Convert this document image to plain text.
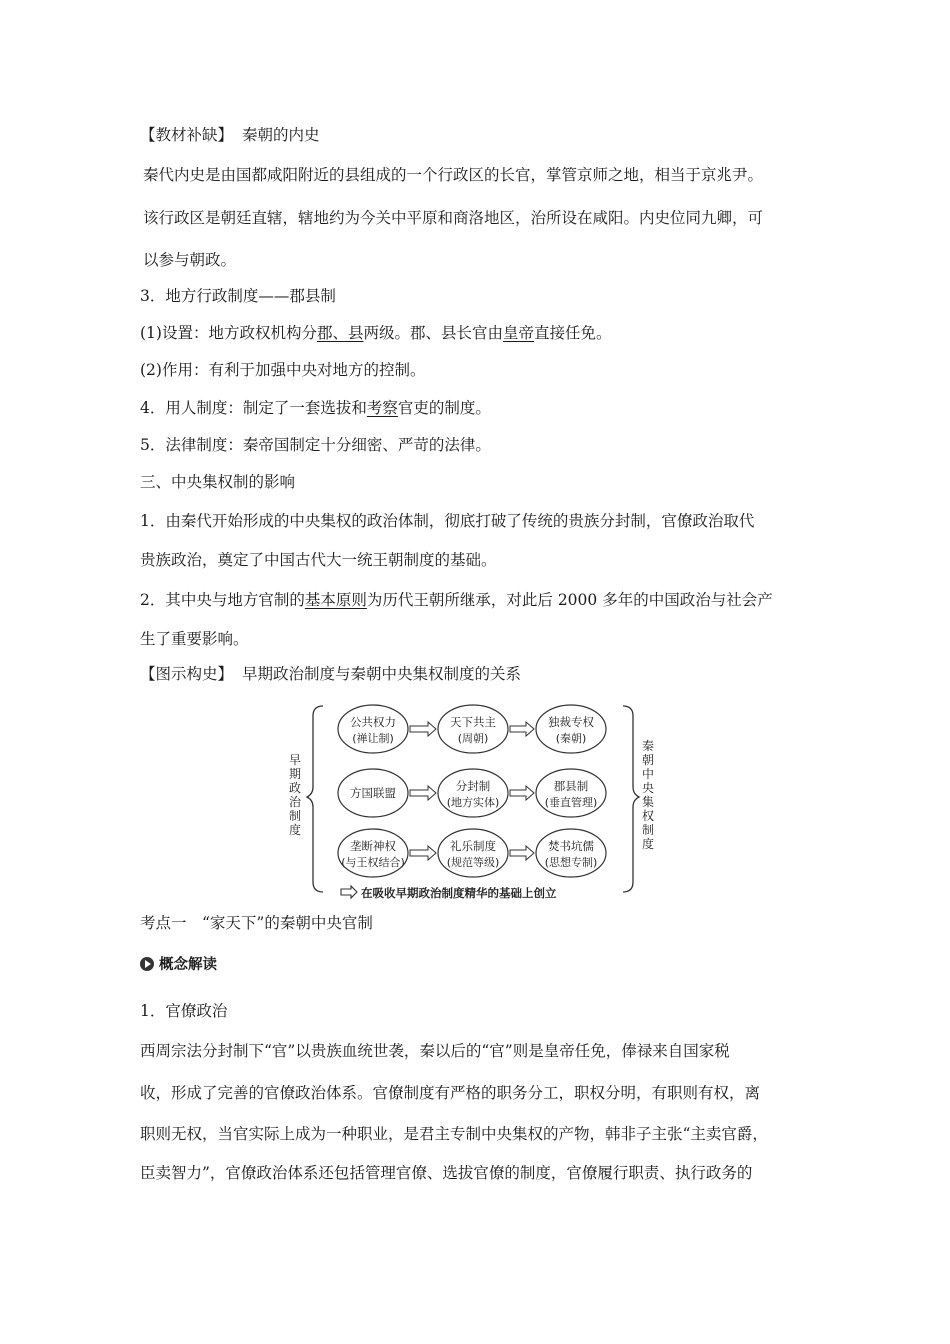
【教材补缺】 秦朝的内史
秦代内史是由国都咸阳附近的县组成的一个行政区的长官，掌管京师之地，相当于京兆尹。
该行政区是朝廷直辖，辖地约为今关中平原和商洛地区，治所设在咸阳。内史位同九卿，可
以参与朝政。
3．地方行政制度——郡县制
(1)设置：地方政权机构分郡、县两级。郡、县长官由皇帝直接任免。
(2)作用：有利于加强中央对地方的控制。
4．用人制度：制定了一套选拔和考察官吏的制度。
5．法律制度：秦帝国制定十分细密、严苛的法律。
三、中央集权制的影响
1．由秦代开始形成的中央集权的政治体制，彻底打破了传统的贵族分封制，官僚政治取代
贵族政治，奠定了中国古代大一统王朝制度的基础。
2．其中央与地方官制的基本原则为历代王朝所继承，对此后 2000 多年的中国政治与社会产
生了重要影响。
【图示构史】 早期政治制度与秦朝中央集权制度的关系
早
期
政
治
制
度
秦
朝
中
央
集
权
制
度
公共权力
(禅让制)
天下共主
(周朝)
独裁专权
(秦朝)
方国联盟	分封制
(地方实体)
郡县制
(垂直管理)
垄断神权
(与王权结合)
礼乐制度
(规范等级)
焚书坑儒
(思想专制)
在吸收早期政治制度精华的基础上创立
考点一　“家天下”的秦朝中央官制
概念解读
1．官僚政治
西周宗法分封制下“官”以贵族血统世袭，秦以后的“官”则是皇帝任免，俸禄来自国家税
收，形成了完善的官僚政治体系。官僚制度有严格的职务分工，职权分明，有职则有权，离
职则无权，当官实际上成为一种职业，是君主专制中央集权的产物，韩非子主张“主卖官爵，
臣卖智力”，官僚政治体系还包括管理官僚、选拔官僚的制度，官僚履行职责、执行政务的
